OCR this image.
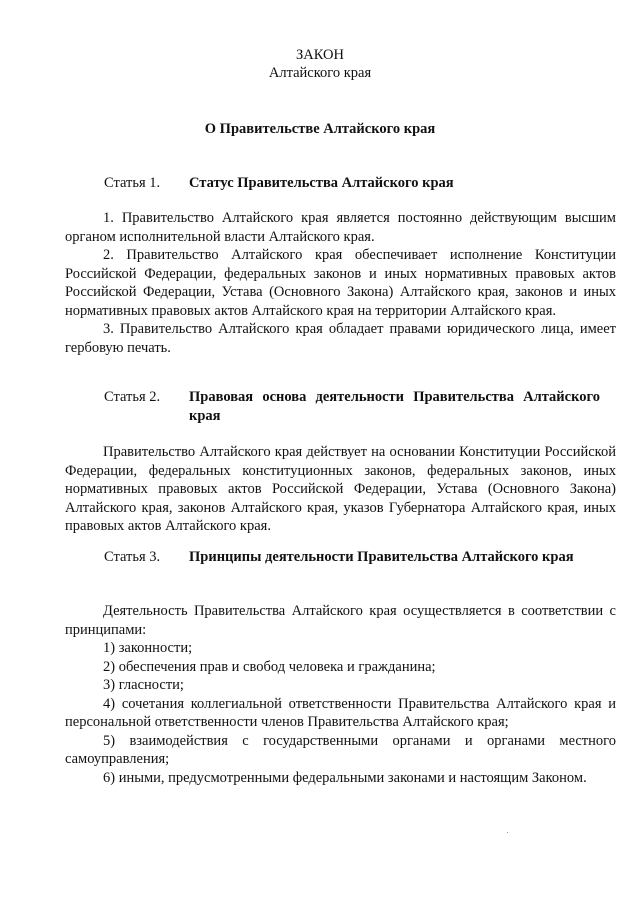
ЗАКОН
Алтайского края
О Правительстве Алтайского края
Статья 1. Статус Правительства Алтайского края

1. Правительство Алтайского края является постоянно действующим высшим органом исполнительной власти Алтайского края.

2. Правительство Алтайского края обеспечивает исполнение Конституции Российской Федерации, федеральных законов и иных нормативных правовых актов Российской Федерации, Устава (Основного Закона) Алтайского края, законов и иных нормативных правовых актов Алтайского края на территории Алтайского края.

3. Правительство Алтайского края обладает правами юридического лица, имеет гербовую печать.

Статья 2. Правовая основа деятельности Правительства Алтайского края

Правительство Алтайского края действует на основании Конституции Российской Федерации, федеральных конституционных законов, федеральных законов, иных нормативных правовых актов Российской Федерации, Устава (Основного Закона) Алтайского края, законов Алтайского края, указов Губернатора Алтайского края, иных правовых актов Алтайского края.

Статья 3. Принципы деятельности Правительства Алтайского края

Деятельность Правительства Алтайского края осуществляется в соответствии с принципами:

1) законности;

2) обеспечения прав и свобод человека и гражданина;

3) гласности;

4) сочетания коллегиальной ответственности Правительства Алтайского края и персональной ответственности членов Правительства Алтайского края;

5) взаимодействия с государственными органами и органами местного самоуправления;

6) иными, предусмотренными федеральными законами и настоящим Законом.
